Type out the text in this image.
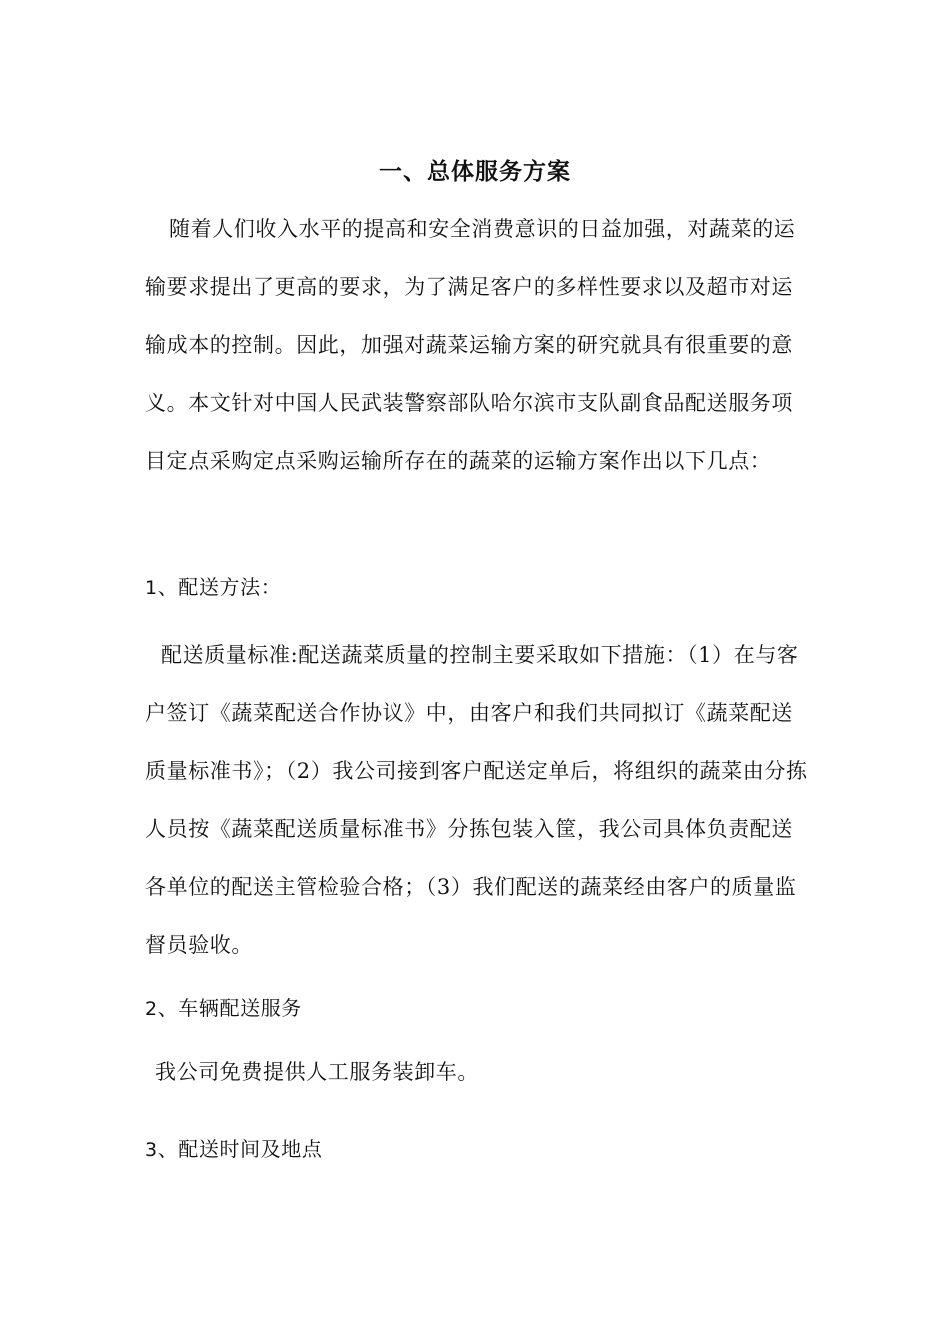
一、总体服务方案

随着人们收入水平的提高和安全消费意识的日益加强，对蔬菜的运输要求提出了更高的要求，为了满足客户的多样性要求以及超市对运输成本的控制。因此，加强对蔬菜运输方案的研究就具有很重要的意义。本文针对中国人民武装警察部队哈尔滨市支队副食品配送服务项目定点采购定点采购运输所存在的蔬菜的运输方案作出以下几点：

1、配送方法：

配送质量标准:配送蔬菜质量的控制主要采取如下措施：（1）在与客户签订《蔬菜配送合作协议》中，由客户和我们共同拟订《蔬菜配送质量标准书》；（2）我公司接到客户配送定单后，将组织的蔬菜由分拣人员按《蔬菜配送质量标准书》分拣包装入筐，我公司具体负责配送各单位的配送主管检验合格；（3）我们配送的蔬菜经由客户的质量监督员验收。

2、车辆配送服务

我公司免费提供人工服务装卸车。

3、配送时间及地点
